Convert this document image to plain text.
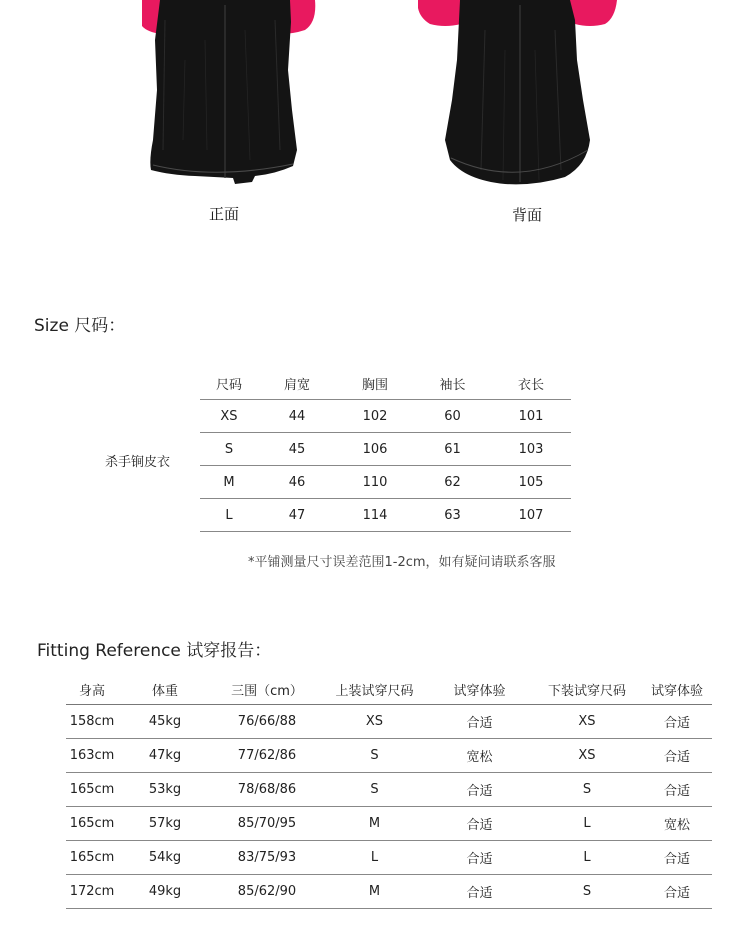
正面	背面
Size 尺码：
杀手锏皮衣
尺码	肩宽	胸围	袖长	衣长
XS	44	102	60	101
S	45	106	61	103
M	46	110	62	105
L	47	114	63	107
*平铺测量尺寸误差范围1-2cm，如有疑问请联系客服
Fitting Reference 试穿报告：
身高	体重	三围（cm）	上装试穿尺码	试穿体验	下装试穿尺码	试穿体验
158cm	45kg	76/66/88	XS	合适	XS	合适
163cm	47kg	77/62/86	S	宽松	XS	合适
165cm	53kg	78/68/86	S	合适	S	合适
165cm	57kg	85/70/95	M	合适	L	宽松
165cm	54kg	83/75/93	L	合适	L	合适
172cm	49kg	85/62/90	M	合适	S	合适
